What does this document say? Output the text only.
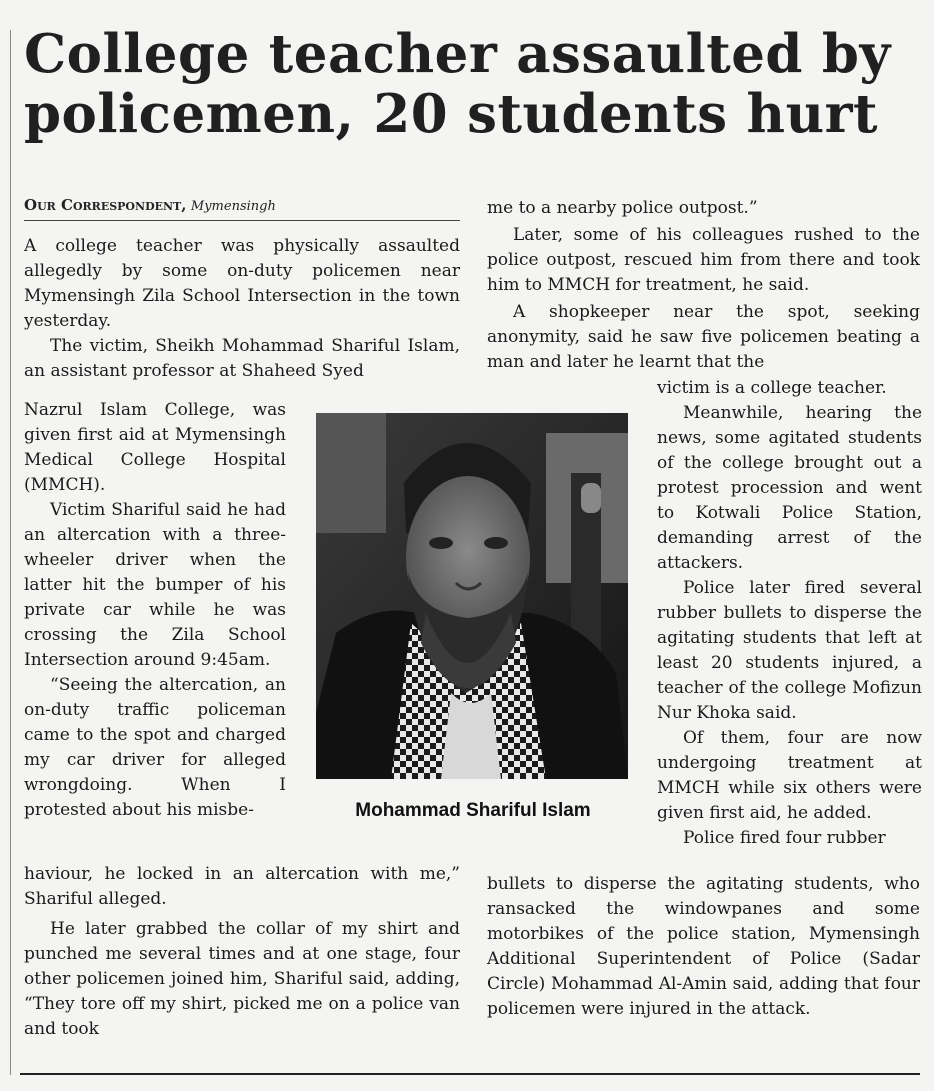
College teacher assaulted by
policemen, 20 students hurt
Our Correspondent, Mymensingh

A college teacher was physically assaulted allegedly by some on-duty policemen near Mymensingh Zila School Intersection in the town yesterday.

The victim, Sheikh Mohammad Shariful Islam, an assistant professor at Shaheed Syed

Nazrul Islam College, was given first aid at Mymensingh Medical College Hospital (MMCH).

Victim Shariful said he had an altercation with a three-wheeler driver when the latter hit the bumper of his private car while he was crossing the Zila School Intersection around 9:45am.

“Seeing the altercation, an on-duty traffic policeman came to the spot and charged my car driver for alleged wrongdoing. When I protested about his misbe-

haviour, he locked in an altercation with me,” Shariful alleged.

He later grabbed the collar of my shirt and punched me several times and at one stage, four other policemen joined him, Shariful said, adding, “They tore off my shirt, picked me on a police van and took

me to a nearby police outpost.”

Later, some of his colleagues rushed to the police outpost, rescued him from there and took him to MMCH for treatment, he said.

A shopkeeper near the spot, seeking anonymity, said he saw five policemen beating a man and later he learnt that the

victim is a college teacher.

Meanwhile, hearing the news, some agitated students of the college brought out a protest procession and went to Kotwali Police Station, demanding arrest of the attackers.

Police later fired several rubber bullets to disperse the agitating students that left at least 20 students injured, a teacher of the college Mofizun Nur Khoka said.

Of them, four are now undergoing treatment at MMCH while six others were given first aid, he added.

Police fired four rubber

bullets to disperse the agitating students, who ransacked the windowpanes and some motorbikes of the police station, Mymensingh Additional Superintendent of Police (Sadar Circle) Mohammad Al-Amin said, adding that four policemen were injured in the attack.

Mohammad Shariful Islam
